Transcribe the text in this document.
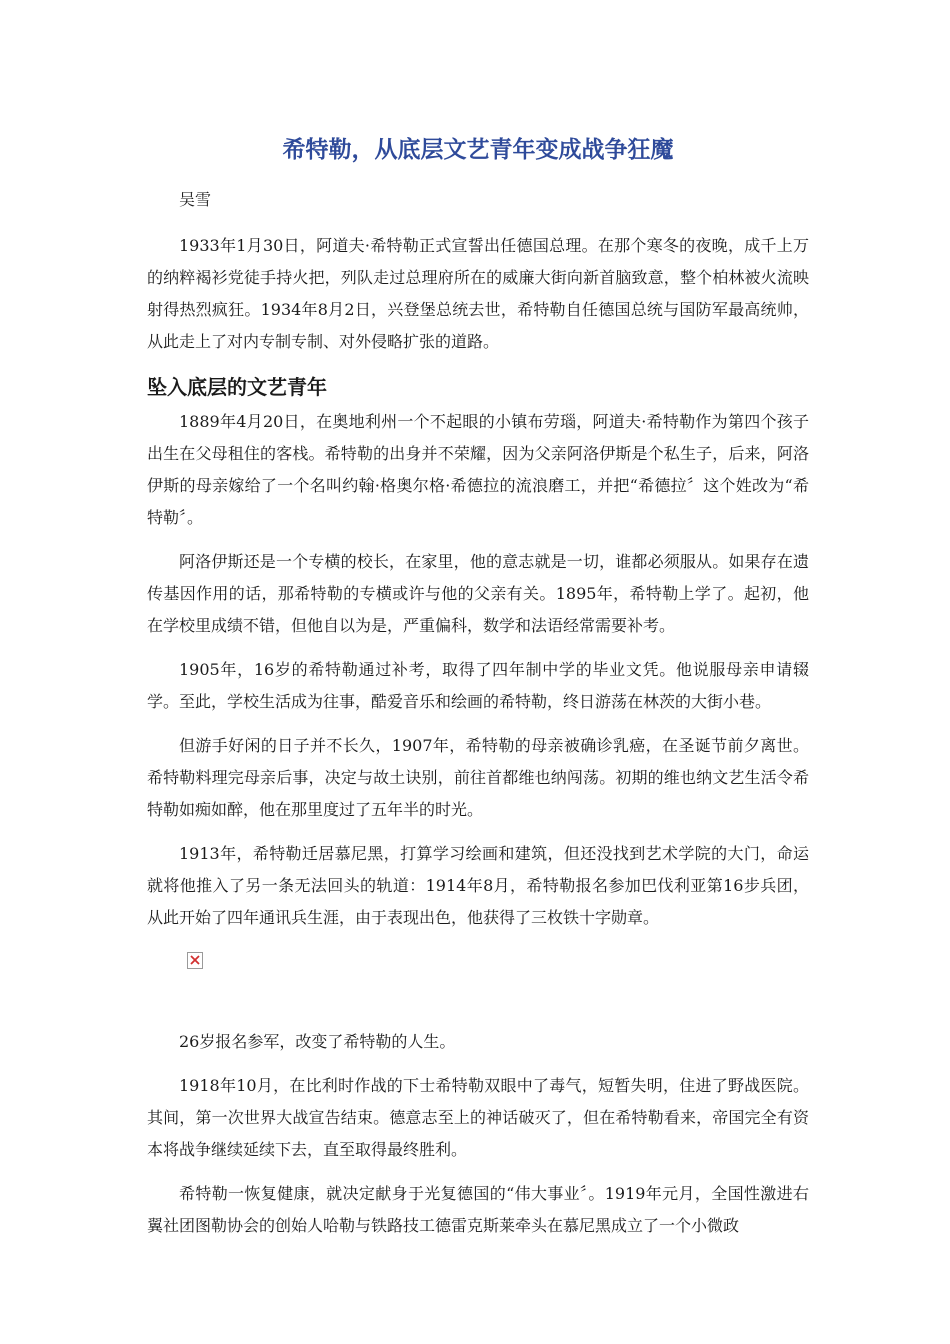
希特勒，从底层文艺青年变成战争狂魔

吴雪

1933年1月30日，阿道夫·希特勒正式宣誓出任德国总理。在那个寒冬的夜晚，成千上万的纳粹褐衫党徒手持火把，列队走过总理府所在的威廉大街向新首脑致意，整个柏林被火流映射得热烈疯狂。1934年8月2日，兴登堡总统去世，希特勒自任德国总统与国防军最高统帅，从此走上了对内专制专制、对外侵略扩张的道路。

坠入底层的文艺青年

1889年4月20日，在奥地利州一个不起眼的小镇布劳瑙，阿道夫·希特勒作为第四个孩子出生在父母租住的客栈。希特勒的出身并不荣耀，因为父亲阿洛伊斯是个私生子，后来，阿洛伊斯的母亲嫁给了一个名叫约翰·格奥尔格·希德拉的流浪磨工，并把“希德拉〞这个姓改为“希特勒〞。

阿洛伊斯还是一个专横的校长，在家里，他的意志就是一切，谁都必须服从。如果存在遗传基因作用的话，那希特勒的专横或许与他的父亲有关。1895年，希特勒上学了。起初，他在学校里成绩不错，但他自以为是，严重偏科，数学和法语经常需要补考。

1905年，16岁的希特勒通过补考，取得了四年制中学的毕业文凭。他说服母亲申请辍学。至此，学校生活成为往事，酷爱音乐和绘画的希特勒，终日游荡在林茨的大街小巷。

但游手好闲的日子并不长久，1907年，希特勒的母亲被确诊乳癌，在圣诞节前夕离世。希特勒料理完母亲后事，决定与故土诀别，前往首都维也纳闯荡。初期的维也纳文艺生活令希特勒如痴如醉，他在那里度过了五年半的时光。

1913年，希特勒迁居慕尼黑，打算学习绘画和建筑，但还没找到艺术学院的大门，命运就将他推入了另一条无法回头的轨道：1914年8月，希特勒报名参加巴伐利亚第16步兵团，从此开始了四年通讯兵生涯，由于表现出色，他获得了三枚铁十字勋章。

26岁报名参军，改变了希特勒的人生。

1918年10月，在比利时作战的下士希特勒双眼中了毒气，短暂失明，住进了野战医院。其间，第一次世界大战宣告结束。德意志至上的神话破灭了，但在希特勒看来，帝国完全有资本将战争继续延续下去，直至取得最终胜利。

希特勒一恢复健康，就决定献身于光复德国的“伟大事业〞。1919年元月，全国性激进右翼社团图勒协会的创始人哈勒与铁路技工德雷克斯莱牵头在慕尼黑成立了一个小微政
